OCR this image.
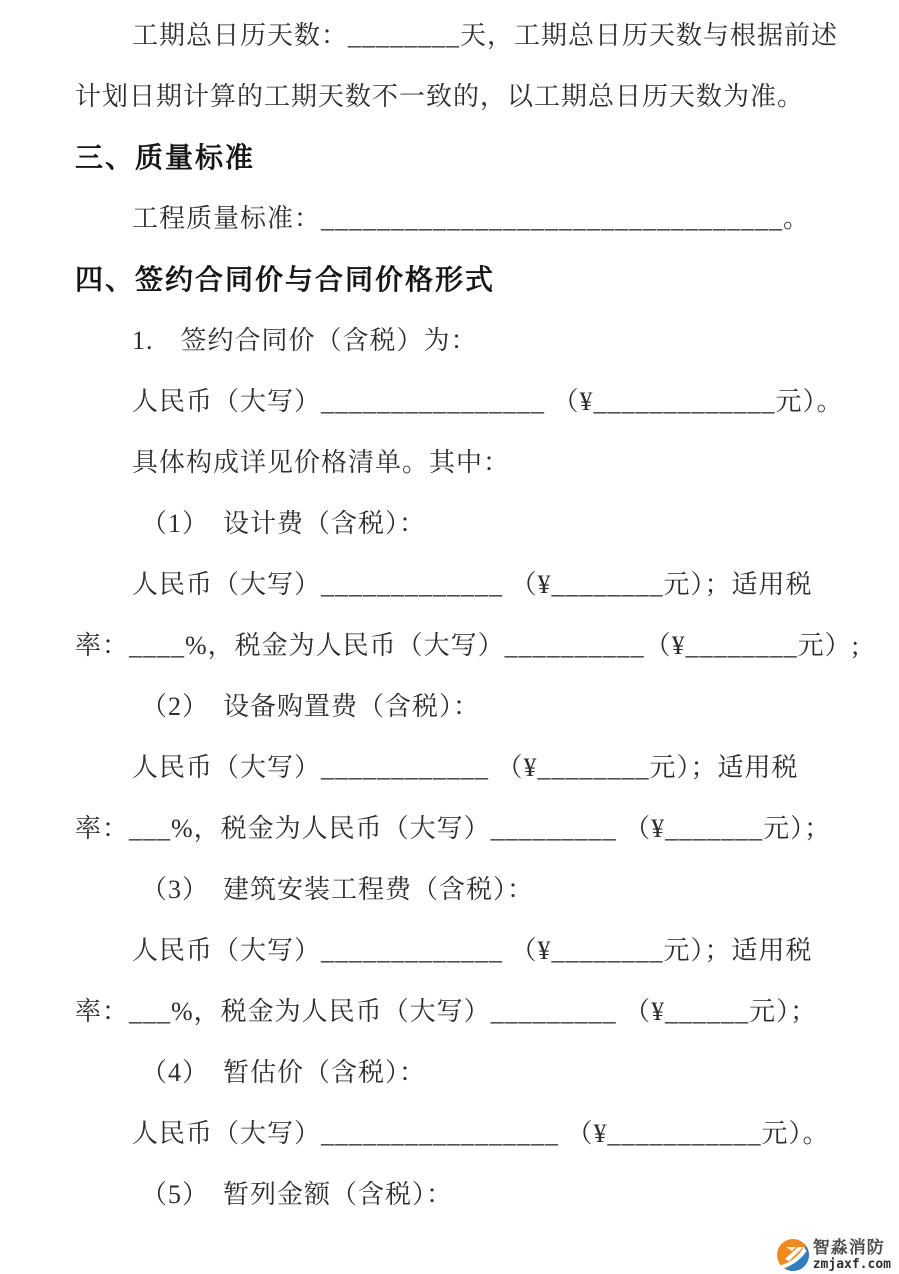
工期总日历天数：________天，工期总日历天数与根据前述
计划日期计算的工期天数不一致的，以工期总日历天数为准。
三、质量标准
工程质量标准：_________________________________。
四、签约合同价与合同价格形式
1.　签约合同价（含税）为：
人民币（大写）________________ （¥_____________元）。
具体构成详见价格清单。其中：
（1）　设计费（含税）：
人民币（大写）_____________ （¥________元）；适用税
率：____%，税金为人民币（大写）__________（¥________元）;
（2）　设备购置费（含税）：
人民币（大写）____________ （¥________元）；适用税
率：___%，税金为人民币（大写）_________ （¥_______元）；
（3）　建筑安装工程费（含税）：
人民币（大写）_____________ （¥________元）；适用税
率：___%，税金为人民币（大写）_________ （¥______元）；
（4）　暂估价（含税）：
人民币（大写）_________________ （¥___________元）。
（5）　暂列金额（含税）：
智淼消防
zmjaxf.com
